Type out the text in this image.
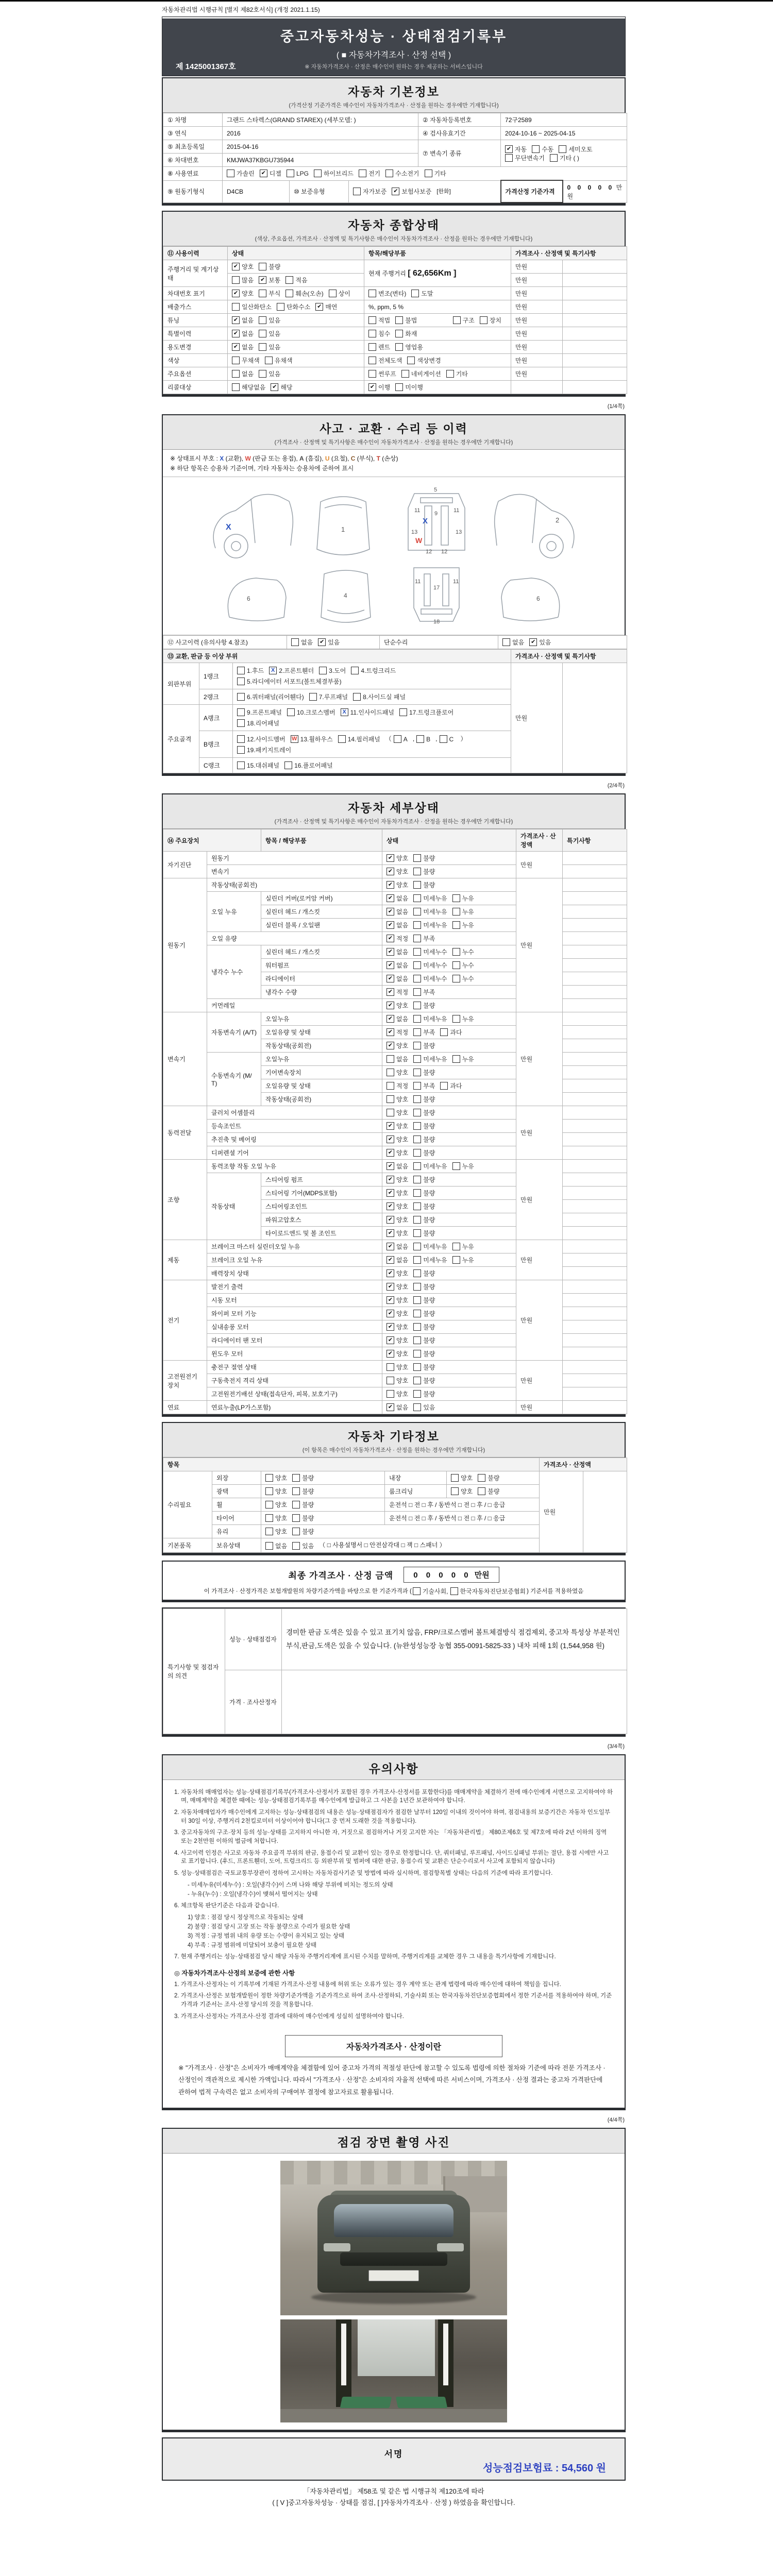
자동차관리법 시행규칙 [별지 제82호서식] (개정 2021.1.15)
중고자동차성능 · 상태점검기록부
( ■ 자동차가격조사 · 산정 선택 )
※ 자동차가격조사 · 산정은 매수인이 원하는 경우 제공하는 서비스입니다
제 1425001367호
자동차 기본정보
(가격산정 기준가격은 매수인이 자동차가격조사 · 산정을 원하는 경우에만 기재합니다)
① 차명	그랜드 스타렉스(GRAND STAREX) (세부모델: )			② 자동차등록번호	72구2589	
③ 연식	2016			④ 검사유효기간	2024-10-16 ~ 2025-04-15	
⑤ 최초등록일	2015-04-16	⑦ 변속기 종류	
✔ 자동 수동 세미오토
무단변속기 기타 ( )

⑥ 차대번호	KMJWA37KBGU735944					
⑧ 사용연료	가솔린 ✔ 디젤 LPG 하이브리드 전기 수소전기 기타

⑨ 원동기형식	D4CB	⑩ 보증유형	자가보증 ✔ 보험사보증 [한화]		가격산정 기준가격	0 0 0 0 0 만원
자동차 종합상태
(색상, 주요옵션, 가격조사 · 산정액 및 특기사항은 매수인이 자동차가격조사 · 산정을 원하는 경우에만 기재합니다)
⑪ 사용이력	상태	항목/해당부품	가격조사 · 산정액 및 특기사항	
주행거리 및 계기상태	✔ 양호 불량	현재 주행거리 [ 62,656Km ]	만원	

	많음 ✔ 보통 적음		만원	
차대번호 표기	✔ 양호 부식 훼손(오손) 상이	변조(변타) 도말	만원	
배출가스	일산화탄소 탄화수소 ✔ 매연	%, ppm, 5 %	만원	
튜닝	✔ 없음 있음	적법 불법 구조 장치	만원	
특별이력	✔ 없음 있음	침수 화재	만원	
용도변경	✔ 없음 있음	렌트 영업용	만원	
색상	무채색 유채색	전체도색 색상변경	만원	
주요옵션	없음 있음	썬루프 네비게이션 기타	만원	
리콜대상	해당없음 ✔ 해당	✔ 이행 미이행		

(1/4쪽)
사고 · 교환 · 수리 등 이력
(가격조사 · 산정액 및 특기사항은 매수인이 자동차가격조사 · 산정을 원하는 경우에만 기재합니다)
※ 상태표시 부호 : X (교환), W (판금 또는 용접), A (흠집), U (요철), C (부식), T (손상)
※ 하단 항목은 승용차 기준이며, 기타 자동차는 승용차에 준하여 표시
X	1
5
9
11	11
13	13
12 12
X
W
2
6	4
17
18
11	11
6
⑫ 사고이력 (유의사항 4.참조)	없음 ✔ 있음	단순수리	없음 ✔ 있음
⑬ 교환, 판금 등 이상 부위			가격조사 · 산정액 및 특기사항	
외판부위	1랭크	
1.후드	X 2.프론트휀더 3.도어 4.트렁크리드
5.라디에이터 서포트(볼트체결부품)
	만원	
	2랭크	6.쿼터패널(리어휀다) 7.루프패널 8.사이드실 패널		

주요골격	A랭크	
9.프론트패널 10.크로스멤버	X 11.인사이드패널 17.트렁크플로어
18.리어패널

B랭크	
12.사이드멤버 W 13.휠하우스 14.필러패널 （ A , B , C ）
19.패키지트레이

	C랭크	15.대쉬패널 16.플로어패널		
(2/4쪽)
자동차 세부상태
(가격조사 · 산정액 및 특기사항은 매수인이 자동차가격조사 · 산정을 원하는 경우에만 기재합니다)
⑭ 주요장치		항목 / 해당부품	상태	가격조사 · 산정액	특기사항
자기진단	원동기		✔ 양호 불량	만원	
	변속기		✔ 양호 불량		

원동기	작동상태(공회전)		✔ 양호 불량	만원	
	오일 누유	실린더 커버(로커암 커버)	✔ 없음 미세누유 누유		

		실린더 헤드 / 개스킷	✔ 없음 미세누유 누유		

		실린더 블록 / 오일팬	✔ 없음 미세누유 누유		

	오일 유량		✔ 적정 부족		

	냉각수 누수	실린더 헤드 / 개스킷	✔ 없음 미세누수 누수		

		워터펌프	✔ 없음 미세누수 누수		

		라디에이터	✔ 없음 미세누수 누수		

		냉각수 수량	✔ 적정 부족		

	커먼레일		✔ 양호 불량		

변속기	자동변속기 (A/T)	오일누유	✔ 없음 미세누유 누유	만원	
		오일유량 및 상태	✔ 적정 부족 과다		

		작동상태(공회전)	✔ 양호 불량		

	수동변속기 (M/T)	오일누유	없음 미세누유 누유		

		기어변속장치	양호 불량		

		오일유량 및 상태	적정 부족 과다		

		작동상태(공회전)	양호 불량		

동력전달	클러치 어셈블리		양호 불량	만원	
	등속조인트		✔ 양호 불량		

	추진축 및 베어링		✔ 양호 불량		

	디퍼렌셜 기어		✔ 양호 불량		

조향	동력조향 작동 오일 누유		✔ 없음 미세누유 누유	만원	
	작동상태	스티어링 펌프	✔ 양호 불량		

		스티어링 기어(MDPS포함)	✔ 양호 불량		

		스티어링조인트	✔ 양호 불량		

		파워고압호스	✔ 양호 불량		

		타이로드엔드 및 볼 조인트	✔ 양호 불량		

제동	브레이크 마스터 실린더오일 누유		✔ 없음 미세누유 누유	만원	
	브레이크 오일 누유		✔ 없음 미세누유 누유		

	배력장치 상태		✔ 양호 불량		

전기	발전기 출력		✔ 양호 불량	만원	
	시동 모터		✔ 양호 불량		

	와이퍼 모터 기능		✔ 양호 불량		

	실내송풍 모터		✔ 양호 불량		

	라디에이터 팬 모터		✔ 양호 불량		

	윈도우 모터		✔ 양호 불량		

고전원전기장치	충전구 절연 상태		양호 불량	만원	
	구동축전지 격리 상태		양호 불량		

	고전원전기배선 상태(접속단자, 피복, 보호기구)		양호 불량		

연료	연료누출(LP가스포함)		✔ 없음 있음	만원	
자동차 기타정보
(이 항목은 매수인이 자동차가격조사 · 산정을 원하는 경우에만 기재합니다)
항목					가격조사 · 산정액	
수리필요	외장	양호 불량	내장	양호 불량	만원	
	광택	양호 불량	룸크리닝	양호 불량		

	휠	양호 불량	운전석 □ 전 □ 후 / 동반석 □ 전 □ 후 / □ 응급			
	타이어	양호 불량	운전석 □ 전 □ 후 / 동반석 □ 전 □ 후 / □ 응급			
	유리	양호 불량				

기본품목	보유상태	없음 있음 （ □ 사용설명서 □ 안전삼각대 □ 잭 □ 스패너 ）				
최종 가격조사 · 산정 금액	0 0 0 0 0 만원
이 가격조사 · 산정가격은 보험개발원의 차량기준가액을 바탕으로 한 기준가격과 ( 기술사회, 한국자동차진단보증협회 ) 기준서를 적용하였음
특기사항 및 점검자의 의견	성능 · 상태점검자	경미한 판금 도색은 있을 수 있고 표기치 않음, FRP/크로스멤버 볼트체결방식 점검제외, 중고차 특성상 부분적인 부식,판금,도색은 있을 수 있습니다. (뉴완성성능장 농협 355-0091-5825-33 ) 내차 피해 1회 (1,544,958 원)
	가격 · 조사산정자	
(3/4쪽)
유의사항
1. 자동차의 매매업자는 성능·상태점검기록부(가격조사·산정서가 포함된 경우 가격조사·산정서를 포함한다)를 매매계약을 체결하기 전에 매수인에게 서면으로 고지하여야 하며, 매매계약을 체결한 때에는 성능·상태점검기록부를 매수인에게 발급하고 그 사본을 1년간 보관하여야 합니다.
2. 자동차매매업자가 매수인에게 고지하는 성능·상태점검의 내용은 성능·상태점검자가 점검한 날부터 120일 이내의 것이어야 하며, 점검내용의 보증기간은 자동차 인도일부터 30일 이상, 주행거리 2천킬로미터 이상이어야 합니다(그 중 먼저 도래한 것을 적용합니다).
3. 중고자동차의 구조·장치 등의 성능·상태를 고지하지 아니한 자, 거짓으로 점검하거나 거짓 고지한 자는 「자동차관리법」 제80조제6호 및 제7호에 따라 2년 이하의 징역 또는 2천만원 이하의 벌금에 처합니다.
4. 사고이력 인정은 사고로 자동차 주요골격 부위의 판금, 용접수리 및 교환이 있는 경우로 한정합니다. 단, 쿼터패널, 루프패널, 사이드실패널 부위는 절단, 용접 시에만 사고로 표기합니다. (후드, 프론트휀더, 도어, 트렁크리드 등 외판부위 및 범퍼에 대한 판금, 용접수리 및 교환은 단순수리로서 사고에 포함되지 않습니다)
5. 성능·상태점검은 국토교통부장관이 정하여 고시하는 자동차검사기준 및 방법에 따라 실시하며, 점검항목별 상태는 다음의 기준에 따라 표기합니다.
- 미세누유(미세누수) : 오일(냉각수)이 스며 나와 해당 부위에 비치는 정도의 상태
- 누유(누수) : 오일(냉각수)이 맺혀서 떨어지는 상태
6. 체크항목 판단기준은 다음과 같습니다.
1) 양호 : 점검 당시 정상적으로 작동되는 상태
2) 불량 : 점검 당시 고장 또는 작동 불량으로 수리가 필요한 상태
3) 적정 : 규정 범위 내의 유량 또는 수량이 유지되고 있는 상태
4) 부족 : 규정 범위에 미달되어 보충이 필요한 상태
7. 현재 주행거리는 성능·상태점검 당시 해당 자동차 주행거리계에 표시된 수치를 말하며, 주행거리계를 교체한 경우 그 내용을 특기사항에 기재합니다.
◎ 자동차가격조사·산정의 보증에 관한 사항
1. 가격조사·산정자는 이 기록부에 기재된 가격조사·산정 내용에 허위 또는 오류가 있는 경우 계약 또는 관계 법령에 따라 매수인에 대하여 책임을 집니다.
2. 가격조사·산정은 보험개발원이 정한 차량기준가액을 기준가격으로 하여 조사·산정하되, 기술사회 또는 한국자동차진단보증협회에서 정한 기준서를 적용하여야 하며, 기준가격과 기준서는 조사·산정 당시의 것을 적용합니다.
3. 가격조사·산정자는 가격조사·산정 결과에 대하여 매수인에게 성실히 설명하여야 합니다.
자동차가격조사 · 산정이란
※ "가격조사 · 산정"은 소비자가 매매계약을 체결함에 있어 중고차 가격의 적절성 판단에 참고할 수 있도록 법령에 의한 절차와 기준에 따라 전문 가격조사 · 산정인이 객관적으로 제시한 가액입니다. 따라서 "가격조사 · 산정"은 소비자의 자율적 선택에 따른 서비스이며, 가격조사 · 산정 결과는 중고차 가격판단에 관하여 법적 구속력은 없고 소비자의 구매여부 결정에 참고자료로 활용됩니다.
(4/4쪽)
점검 장면 촬영 사진
서명
성능점검보험료 : 54,560 원
「자동차관리법」 제58조 및 같은 법 시행규칙 제120조에 따라
( [ V ]중고자동차성능 · 상태를 점검, [ ]자동차가격조사 · 산정 ) 하였음을 확인합니다.
